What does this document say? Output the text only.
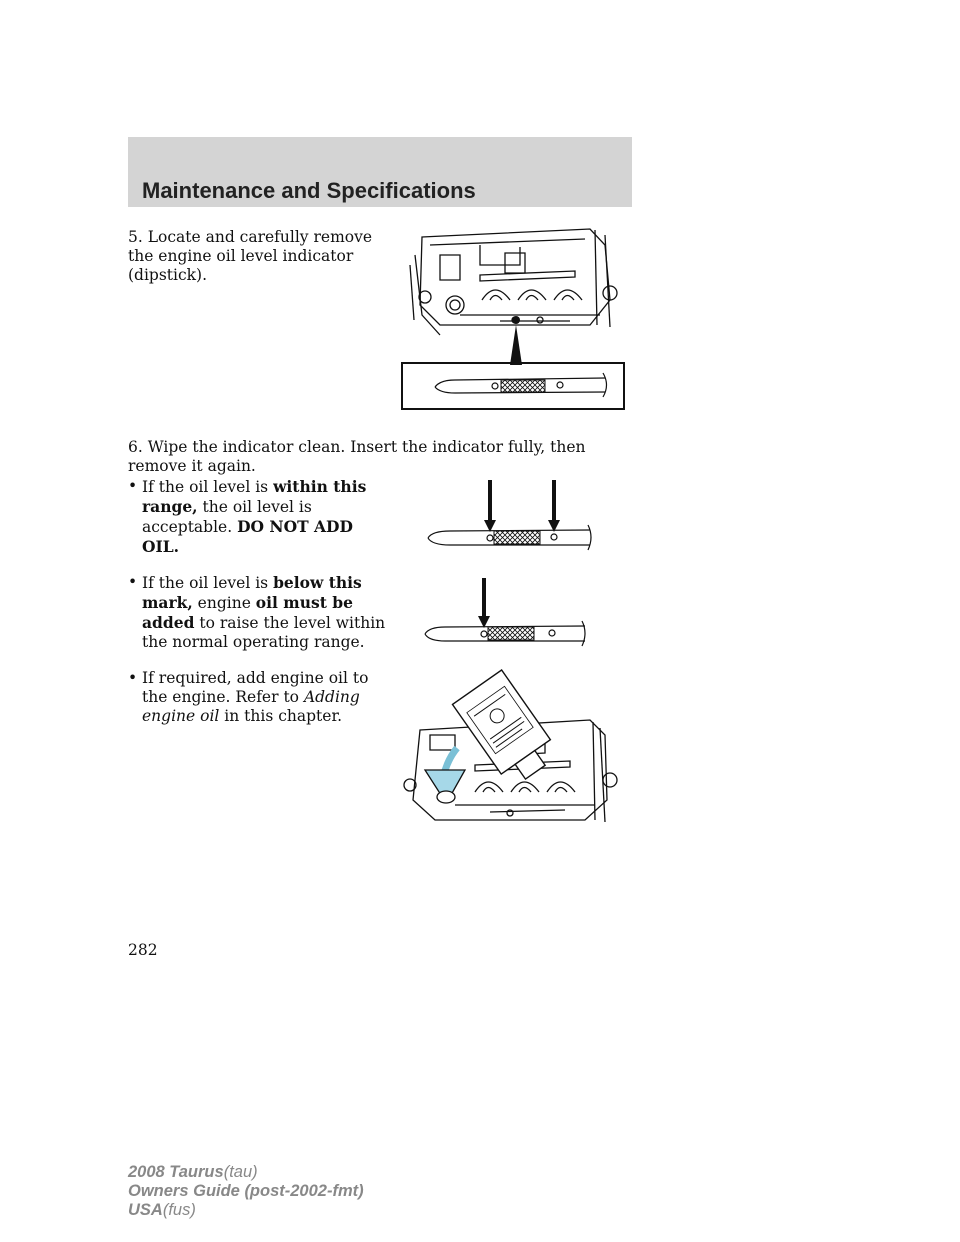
Maintenance and Specifications
5. Locate and carefully remove the engine oil level indicator (dipstick).
6. Wipe the indicator clean. Insert the indicator fully, then remove it again.
• If the oil level is within this range, the oil level is acceptable. DO NOT ADD OIL.
• If the oil level is below this mark, engine oil must be added to raise the level within the normal operating range.
• If required, add engine oil to the engine. Refer to Adding engine oil in this chapter.
282
2008 Taurus(tau)
Owners Guide (post-2002-fmt)
USA(fus)
